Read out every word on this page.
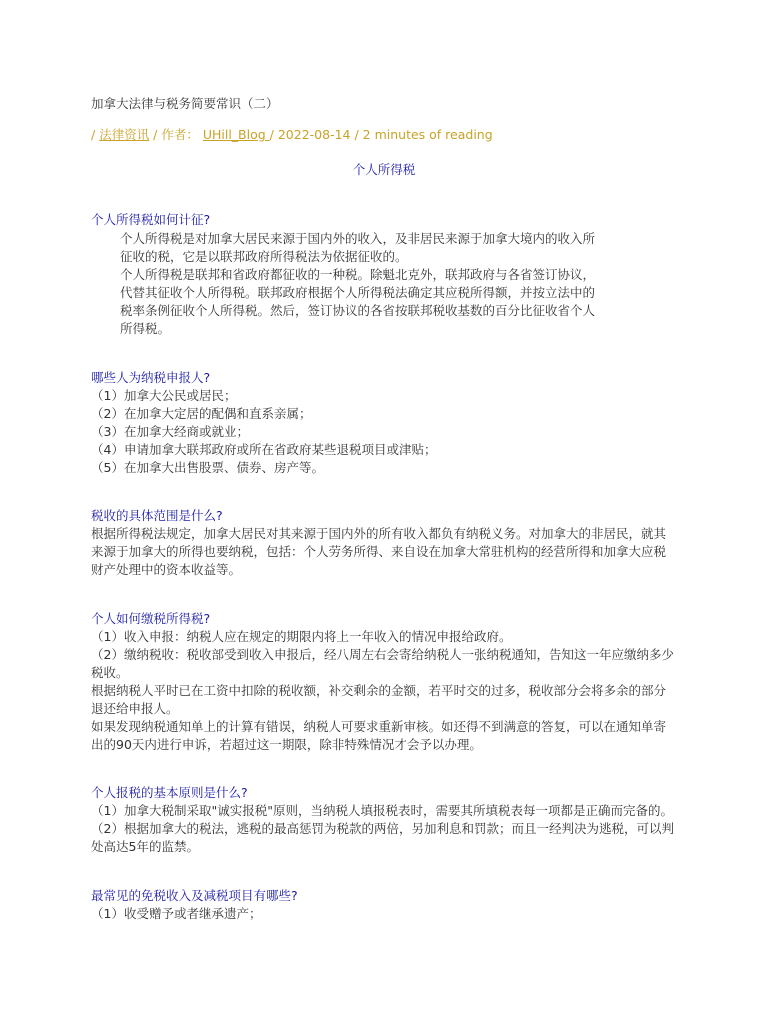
加拿大法律与税务简要常识（二）
/ 法律资讯 / 作者： UHill_Blog / 2022-08-14 / 2 minutes of reading
个人所得税
个人所得税如何计征?
个人所得税是对加拿大居民来源于国内外的收入，及非居民来源于加拿大境内的收入所
征收的税，它是以联邦政府所得税法为依据征收的。
个人所得税是联邦和省政府都征收的一种税。除魁北克外，联邦政府与各省签订协议，
代替其征收个人所得税。联邦政府根据个人所得税法确定其应税所得额，并按立法中的
税率条例征收个人所得税。然后，签订协议的各省按联邦税收基数的百分比征收省个人
所得税。
哪些人为纳税申报人?
（1）加拿大公民或居民；
（2）在加拿大定居的配偶和直系亲属；
（3）在加拿大经商或就业；
（4）申请加拿大联邦政府或所在省政府某些退税项目或津贴；
（5）在加拿大出售股票、债券、房产等。
税收的具体范围是什么?
根据所得税法规定，加拿大居民对其来源于国内外的所有收入都负有纳税义务。对加拿大的非居民，就其
来源于加拿大的所得也要纳税，包括：个人劳务所得、来自设在加拿大常驻机构的经营所得和加拿大应税
财产处理中的资本收益等。
个人如何缴税所得税?
（1）收入申报：纳税人应在规定的期限内将上一年收入的情况申报给政府。
（2）缴纳税收：税收部受到收入申报后，经八周左右会寄给纳税人一张纳税通知，告知这一年应缴纳多少
税收。
根据纳税人平时已在工资中扣除的税收额，补交剩余的金额，若平时交的过多，税收部分会将多余的部分
退还给申报人。
如果发现纳税通知单上的计算有错误，纳税人可要求重新审核。如还得不到满意的答复，可以在通知单寄
出的90天内进行申诉，若超过这一期限，除非特殊情况才会予以办理。
个人报税的基本原则是什么?
（1）加拿大税制采取"诚实报税"原则，当纳税人填报税表时，需要其所填税表每一项都是正确而完备的。
（2）根据加拿大的税法，逃税的最高惩罚为税款的两倍，另加利息和罚款；而且一经判决为逃税，可以判
处高达5年的监禁。
最常见的免税收入及减税项目有哪些?
（1）收受赠予或者继承遗产；
